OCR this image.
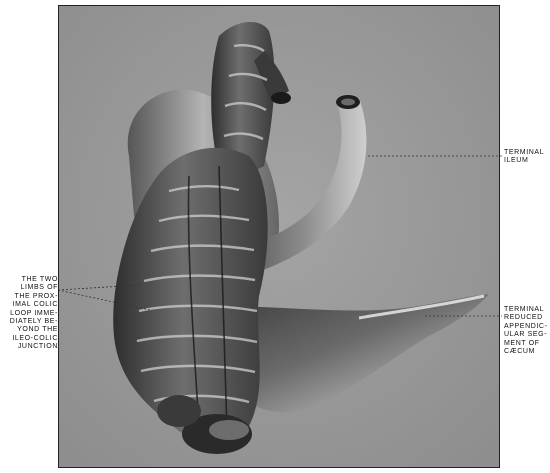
THE TWO
LIMBS OF
THE PROX-
IMAL COLIC
LOOP IMME-
DIATELY BE-
YOND THE
ILEO-COLIC
JUNCTION
TERMINAL
ILEUM
TERMINAL
REDUCED
APPENDIC-
ULAR SEG-
MENT OF
CÆCUM
